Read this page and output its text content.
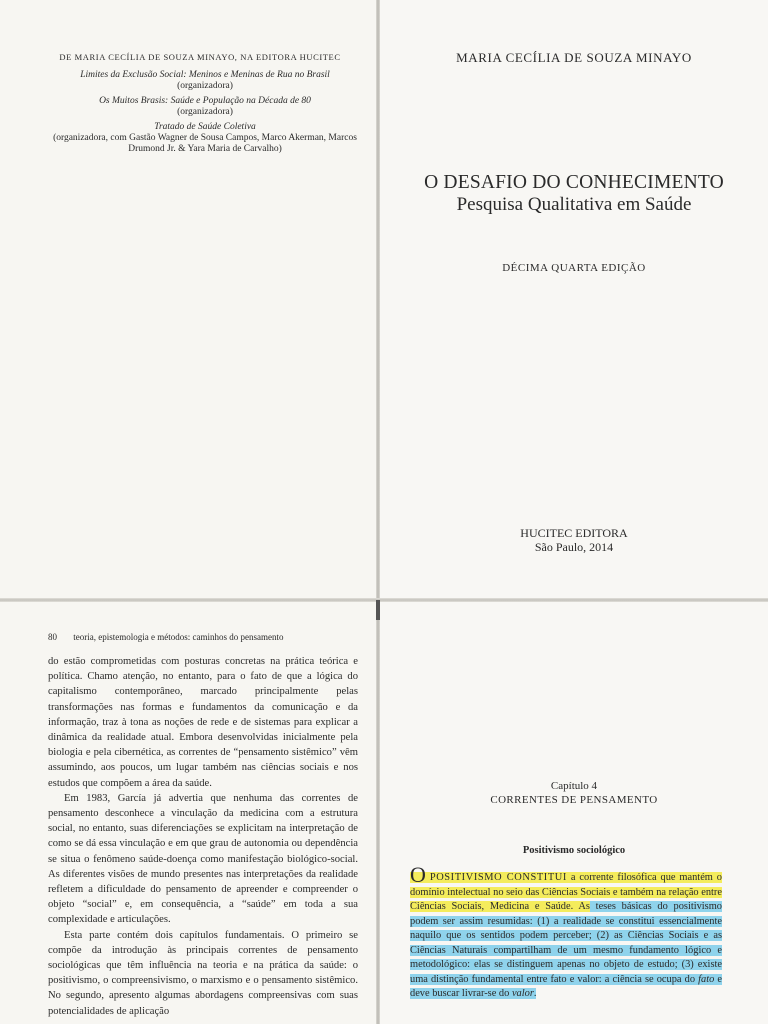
DE MARIA CECÍLIA DE SOUZA MINAYO, NA EDITORA HUCITEC
Limites da Exclusão Social: Meninos e Meninas de Rua no Brasil
(organizadora)
Os Muitos Brasis: Saúde e População na Década de 80
(organizadora)
Tratado de Saúde Coletiva
(organizadora, com Gastão Wagner de Sousa Campos, Marco Akerman, Marcos Drumond Jr. & Yara Maria de Carvalho)
MARIA CECÍLIA DE SOUZA MINAYO
O DESAFIO DO CONHECIMENTO
Pesquisa Qualitativa em Saúde
DÉCIMA QUARTA EDIÇÃO
HUCITEC EDITORA
São Paulo, 2014
80 teoria, epistemologia e métodos: caminhos do pensamento

do estão comprometidas com posturas concretas na prática teórica e política. Chamo atenção, no entanto, para o fato de que a lógica do capitalismo contemporâneo, marcado principalmente pelas transformações nas formas e fundamentos da comunicação e da informação, traz à tona as noções de rede e de sistemas para explicar a dinâmica da realidade atual. Embora desenvolvidas inicialmente pela biologia e pela cibernética, as correntes de “pensamento sistêmico” vêm assumindo, aos poucos, um lugar também nas ciências sociais e nos estudos que compõem a área da saúde.

Em 1983, García já advertia que nenhuma das correntes de pensamento desconhece a vinculação da medicina com a estrutura social, no entanto, suas diferenciações se explicitam na interpretação de como se dá essa vinculação e em que grau de autonomia ou dependência se situa o fenômeno saúde-doença como manifestação biológico-social. As diferentes visões de mundo presentes nas interpretações da realidade refletem a dificuldade do pensamento de apreender e compreender o objeto “social” e, em consequência, a “saúde” em toda a sua complexidade e articulações.

Esta parte contém dois capítulos fundamentais. O primeiro se compõe da introdução às principais correntes de pensamento sociológicas que têm influência na teoria e na prática da saúde: o positivismo, o compreensivismo, o marxismo e o pensamento sistêmico. No segundo, apresento algumas abordagens compreensivas com suas potencialidades de aplicação

Capítulo 4
CORRENTES DE PENSAMENTO
Positivismo sociológico
O POSITIVISMO CONSTITUI a corrente filosófica que mantém o domínio intelectual no seio das Ciências Sociais e também na relação entre Ciências Sociais, Medicina e Saúde. As teses básicas do positivismo podem ser assim resumidas: (1) a realidade se constitui essencialmente naquilo que os sentidos podem perceber; (2) as Ciências Sociais e as Ciências Naturais compartilham de um mesmo fundamento lógico e metodológico: elas se distinguem apenas no objeto de estudo; (3) existe uma distinção fundamental entre fato e valor: a ciência se ocupa do fato e deve buscar livrar-se do valor.
